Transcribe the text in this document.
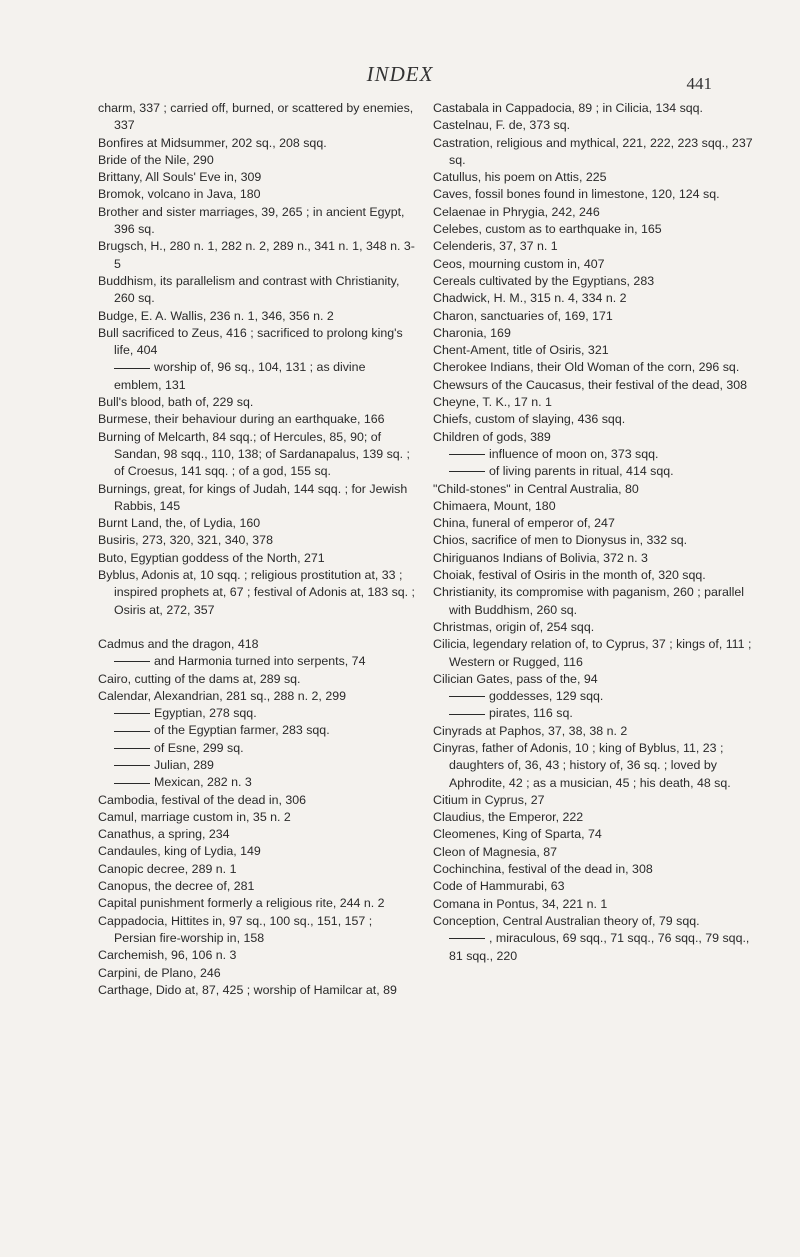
INDEX	441
charm, 337 ; carried off, burned, or scattered by enemies, 337
Bonfires at Midsummer, 202 sq., 208 sqq.
Bride of the Nile, 290
Brittany, All Souls' Eve in, 309
Bromok, volcano in Java, 180
Brother and sister marriages, 39, 265 ; in ancient Egypt, 396 sq.
Brugsch, H., 280 n. 1, 282 n. 2, 289 n., 341 n. 1, 348 n. 3-5
Buddhism, its parallelism and contrast with Christianity, 260 sq.
Budge, E. A. Wallis, 236 n. 1, 346, 356 n. 2
Bull sacrificed to Zeus, 416 ; sacrificed to prolong king's life, 404
worship of, 96 sq., 104, 131 ; as divine emblem, 131
Bull's blood, bath of, 229 sq.
Burmese, their behaviour during an earthquake, 166
Burning of Melcarth, 84 sqq.; of Hercules, 85, 90; of Sandan, 98 sqq., 110, 138; of Sardanapalus, 139 sq. ; of Croesus, 141 sqq. ; of a god, 155 sq.
Burnings, great, for kings of Judah, 144 sqq. ; for Jewish Rabbis, 145
Burnt Land, the, of Lydia, 160
Busiris, 273, 320, 321, 340, 378
Buto, Egyptian goddess of the North, 271
Byblus, Adonis at, 10 sqq. ; religious prostitution at, 33 ; inspired prophets at, 67 ; festival of Adonis at, 183 sq. ; Osiris at, 272, 357
Cadmus and the dragon, 418
and Harmonia turned into serpents, 74
Cairo, cutting of the dams at, 289 sq.
Calendar, Alexandrian, 281 sq., 288 n. 2, 299
Egyptian, 278 sqq.
of the Egyptian farmer, 283 sqq.
of Esne, 299 sq.
Julian, 289
Mexican, 282 n. 3
Cambodia, festival of the dead in, 306
Camul, marriage custom in, 35 n. 2
Canathus, a spring, 234
Candaules, king of Lydia, 149
Canopic decree, 289 n. 1
Canopus, the decree of, 281
Capital punishment formerly a religious rite, 244 n. 2
Cappadocia, Hittites in, 97 sq., 100 sq., 151, 157 ; Persian fire-worship in, 158
Carchemish, 96, 106 n. 3
Carpini, de Plano, 246
Carthage, Dido at, 87, 425 ; worship of Hamilcar at, 89
Castabala in Cappadocia, 89 ; in Cilicia, 134 sqq.
Castelnau, F. de, 373 sq.
Castration, religious and mythical, 221, 222, 223 sqq., 237 sq.
Catullus, his poem on Attis, 225
Caves, fossil bones found in limestone, 120, 124 sq.
Celaenae in Phrygia, 242, 246
Celebes, custom as to earthquake in, 165
Celenderis, 37, 37 n. 1
Ceos, mourning custom in, 407
Cereals cultivated by the Egyptians, 283
Chadwick, H. M., 315 n. 4, 334 n. 2
Charon, sanctuaries of, 169, 171
Charonia, 169
Chent-Ament, title of Osiris, 321
Cherokee Indians, their Old Woman of the corn, 296 sq.
Chewsurs of the Caucasus, their festival of the dead, 308
Cheyne, T. K., 17 n. 1
Chiefs, custom of slaying, 436 sqq.
Children of gods, 389
influence of moon on, 373 sqq.
of living parents in ritual, 414 sqq.
"Child-stones" in Central Australia, 80
Chimaera, Mount, 180
China, funeral of emperor of, 247
Chios, sacrifice of men to Dionysus in, 332 sq.
Chiriguanos Indians of Bolivia, 372 n. 3
Choiak, festival of Osiris in the month of, 320 sqq.
Christianity, its compromise with paganism, 260 ; parallel with Buddhism, 260 sq.
Christmas, origin of, 254 sqq.
Cilicia, legendary relation of, to Cyprus, 37 ; kings of, 111 ; Western or Rugged, 116
Cilician Gates, pass of the, 94
goddesses, 129 sqq.
pirates, 116 sq.
Cinyrads at Paphos, 37, 38, 38 n. 2
Cinyras, father of Adonis, 10 ; king of Byblus, 11, 23 ; daughters of, 36, 43 ; history of, 36 sq. ; loved by Aphrodite, 42 ; as a musician, 45 ; his death, 48 sq.
Citium in Cyprus, 27
Claudius, the Emperor, 222
Cleomenes, King of Sparta, 74
Cleon of Magnesia, 87
Cochinchina, festival of the dead in, 308
Code of Hammurabi, 63
Comana in Pontus, 34, 221 n. 1
Conception, Central Australian theory of, 79 sqq.
, miraculous, 69 sqq., 71 sqq., 76 sqq., 79 sqq., 81 sqq., 220
